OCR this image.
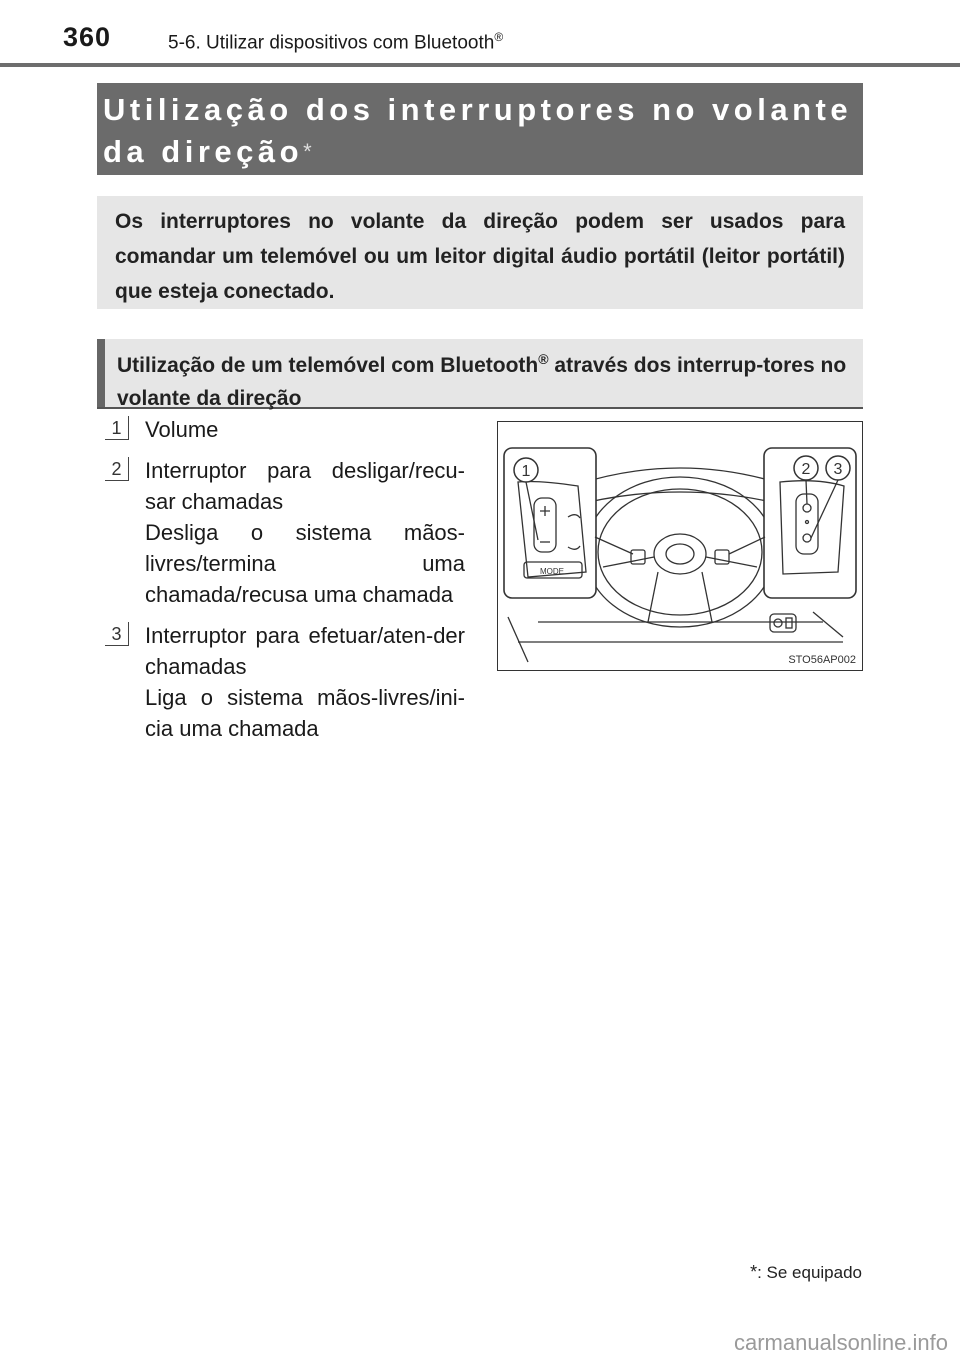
360	5-6. Utilizar dispositivos com Bluetooth®
Utilização dos interruptores no volante da direção*
Os interruptores no volante da direção podem ser usados para comandar um telemóvel ou um leitor digital áudio portátil (leitor portátil) que esteja conectado.
Utilização de um telemóvel com Bluetooth® através dos interrup-tores no volante da direção
1	Volume
2	Interruptor para desligar/recu-sar chamadas
Desliga o sistema mãos-livres/termina uma chamada/recusa uma chamada
3	Interruptor para efetuar/aten-der chamadas
Liga o sistema mãos-livres/ini-cia uma chamada
MODE
1	2 3
STO56AP002
*: Se equipado
carmanualsonline.info
